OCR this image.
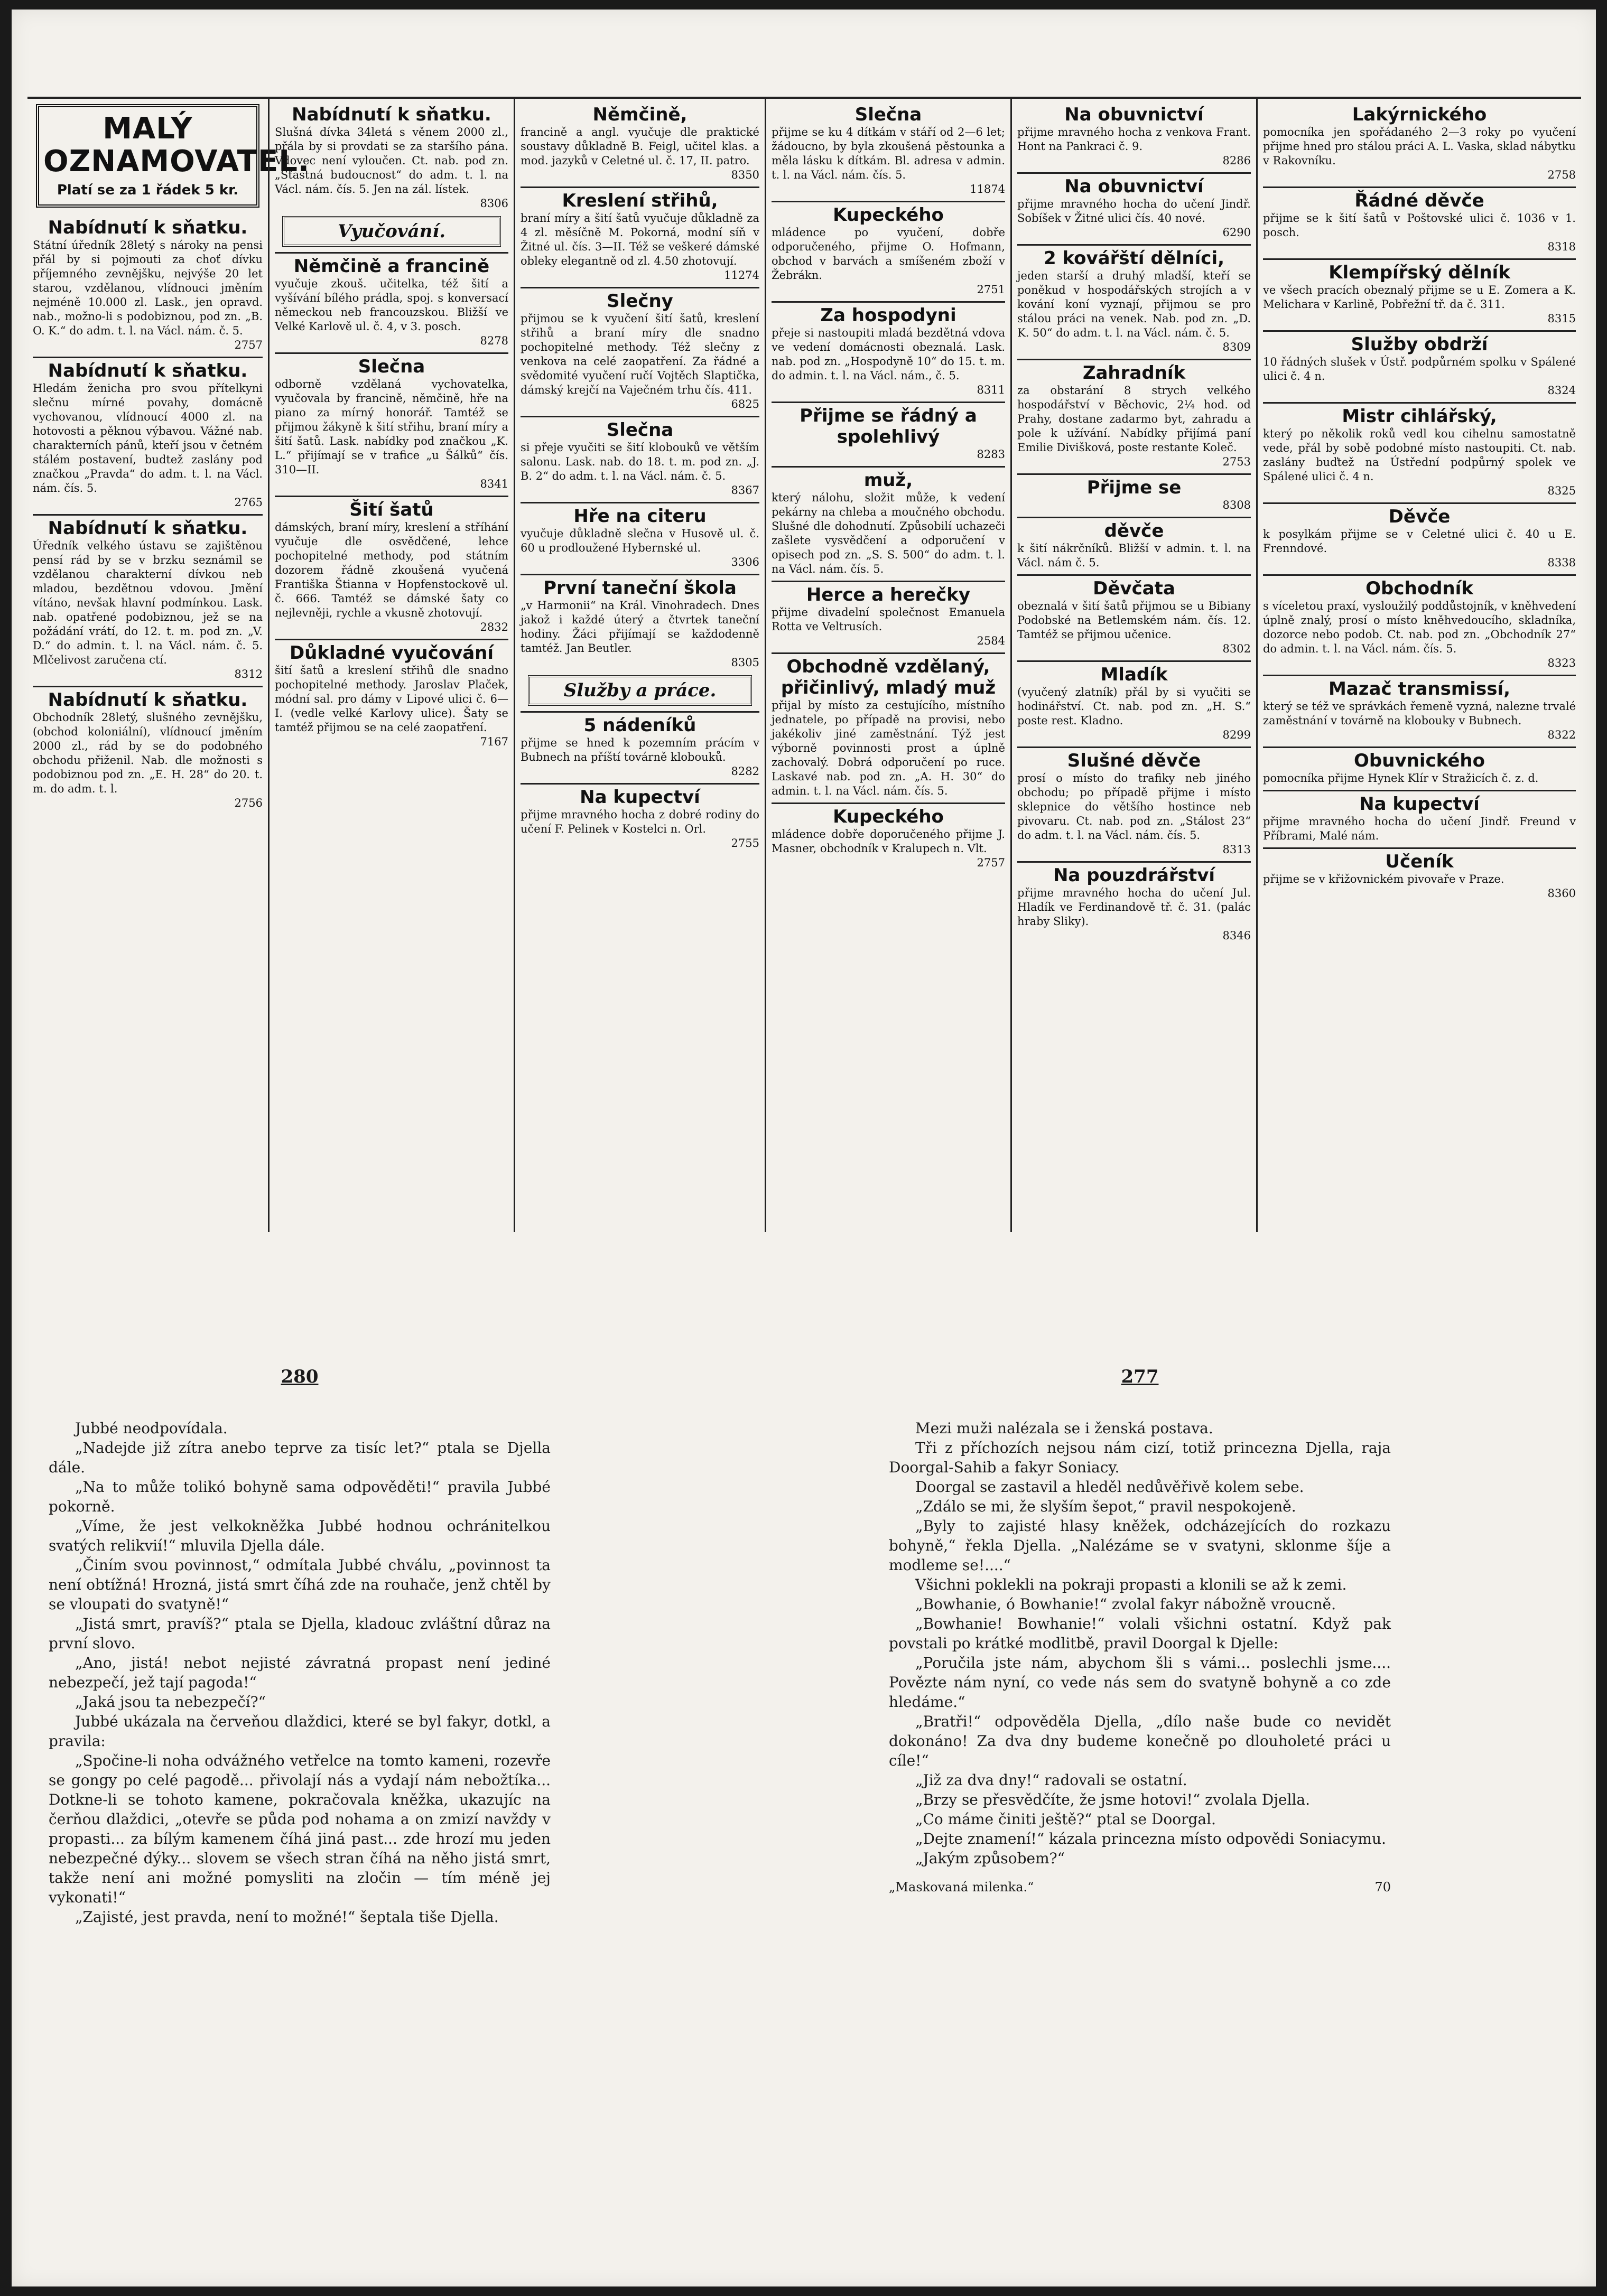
MALÝ OZNAMOVATEL.
Platí se za 1 řádek 5 kr.
Nabídnutí k sňatku.
Státní úředník 28letý s nároky na pensi přál by si pojmouti za choť dívku příjemného zevnějšku, nejvýše 20 let starou, vzdělanou, vlídnouci jměním nejméně 10.000 zl. Lask., jen opravd. nab., možno-li s podobiznou, pod zn. „B. O. K.“ do adm. t. l. na Václ. nám. č. 5.
2757
Nabídnutí k sňatku.
Hledám ženicha pro svou přítelkyni slečnu mírné povahy, domácně vychovanou, vlídnoucí 4000 zl. na hotovosti a pěknou výbavou. Vážné nab. charakterních pánů, kteří jsou v četném stálém postavení, budtež zaslány pod značkou „Pravda“ do adm. t. l. na Václ. nám. čís. 5.
2765
Nabídnutí k sňatku.
Úředník velkého ústavu se zajištěnou pensí rád by se v brzku seznámil se vzdělanou charakterní dívkou neb mladou, bezdětnou vdovou. Jmění vítáno, nevšak hlavní podmínkou. Lask. nab. opatřené podobiznou, jež se na požádání vrátí, do 12. t. m. pod zn. „V. D.“ do admin. t. l. na Václ. nám. č. 5. Mlčelivost zaručena ctí.
8312
Nabídnutí k sňatku.
Obchodník 28letý, slušného zevnějšku, (obchod koloniální), vlídnoucí jměním 2000 zl., rád by se do podobného obchodu přiženil. Nab. dle možnosti s podobiznou pod zn. „E. H. 28“ do 20. t. m. do adm. t. l.
2756
Nabídnutí k sňatku.
Slušná dívka 34letá s věnem 2000 zl., přála by si provdati se za staršího pána. Vdovec není vyloučen. Ct. nab. pod zn. „Šťastná budoucnost“ do adm. t. l. na Václ. nám. čís. 5. Jen na zál. lístek.
8306
Vyučování.
Němčině a francině
vyučuje zkouš. učitelka, též šití a vyšívání bílého prádla, spoj. s konversací německou neb francouzskou. Bližší ve Velké Karlově ul. č. 4, v 3. posch.
8278
Slečna
odborně vzdělaná vychovatelka, vyučovala by francině, němčině, hře na piano za mírný honorář. Tamtéž se přijmou žákyně k šití střihu, braní míry a šití šatů. Lask. nabídky pod značkou „K. L.“ přijímají se v trafice „u Šálků“ čís. 310—II.
8341
Šití šatů
dámských, braní míry, kreslení a stříhání vyučuje dle osvědčené, lehce pochopitelné methody, pod státním dozorem řádně zkoušená vyučená Františka Štianna v Hopfenstockově ul. č. 666. Tamtéž se dámské šaty co nejlevněji, rychle a vkusně zhotovují.
2832
Důkladné vyučování
šití šatů a kreslení střihů dle snadno pochopitelné methody. Jaroslav Plaček, módní sal. pro dámy v Lipové ulici č. 6—I. (vedle velké Karlovy ulice). Šaty se tamtéž přijmou se na celé zaopatření.
7167
Němčině,
francině a angl. vyučuje dle praktické soustavy důkladně B. Feigl, učitel klas. a mod. jazyků v Celetné ul. č. 17, II. patro.
8350
Kreslení střihů,
braní míry a šití šatů vyučuje důkladně za 4 zl. měsíčně M. Pokorná, modní síň v Žitné ul. čís. 3—II. Též se veškeré dámské obleky elegantně od zl. 4.50 zhotovují.
11274
Slečny
přijmou se k vyučení šití šatů, kreslení střihů a braní míry dle snadno pochopitelné methody. Též slečny z venkova na celé zaopatření. Za řádné a svědomité vyučení ručí Vojtěch Slaptička, dámský krejčí na Vaječném trhu čís. 411.
6825
Slečna
si přeje vyučiti se šití klobouků ve větším salonu. Lask. nab. do 18. t. m. pod zn. „J. B. 2“ do adm. t. l. na Václ. nám. č. 5.
8367
Hře na citeru
vyučuje důkladně slečna v Husově ul. č. 60 u prodloužené Hybernské ul.
3306
První taneční škola
„v Harmonii“ na Král. Vinohradech. Dnes jakož i každé úterý a čtvrtek taneční hodiny. Žáci přijímají se každodenně tamtéž. Jan Beutler.
8305
Služby a práce.
5 nádeníků
přijme se hned k pozemním prácím v Bubnech na příští továrně klobouků.
8282
Na kupectví
přijme mravného hocha z dobré rodiny do učení F. Pelinek v Kostelci n. Orl.
2755
Slečna
přijme se ku 4 dítkám v stáří od 2—6 let; žádoucno, by byla zkoušená pěstounka a měla lásku k dítkám. Bl. adresa v admin. t. l. na Václ. nám. čís. 5.
11874
Kupeckého
mládence po vyučení, dobře odporučeného, přijme O. Hofmann, obchod v barvách a smíšeném zboží v Žebrákn.
2751
Za hospodyni
přeje si nastoupiti mladá bezdětná vdova ve vedení domácnosti obeznalá. Lask. nab. pod zn. „Hospodyně 10“ do 15. t. m. do admin. t. l. na Václ. nám., č. 5.
8311
Přijme se řádný a spolehlivý
8283
muž,
který nálohu, složit může, k vedení pekárny na chleba a moučného obchodu. Slušné dle dohodnutí. Způsobilí uchazeči zašlete vysvědčení a odporučení v opisech pod zn. „S. S. 500“ do adm. t. l. na Václ. nám. čís. 5.
Herce a herečky
přijme divadelní společnost Emanuela Rotta ve Veltrusích.
2584
Obchodně vzdělaný, přičinlivý, mladý muž
přijal by místo za cestujícího, místního jednatele, po případě na provisi, nebo jakékoliv jiné zaměstnání. Týž jest výborně povinnosti prost a úplně zachovalý. Dobrá odporučení po ruce. Laskavé nab. pod zn. „A. H. 30“ do admin. t. l. na Václ. nám. čís. 5.
Kupeckého
mládence dobře doporučeného přijme J. Masner, obchodník v Kralupech n. Vlt.
2757
Na obuvnictví
přijme mravného hocha z venkova Frant. Hont na Pankraci č. 9.
8286
Na obuvnictví
přijme mravného hocha do učení Jindř. Sobíšek v Žitné ulici čís. 40 nové.
6290
2 kovářští dělníci,
jeden starší a druhý mladší, kteří se poněkud v hospodářských strojích a v kování koní vyznají, přijmou se pro stálou práci na venek. Nab. pod zn. „D. K. 50“ do adm. t. l. na Václ. nám. č. 5.
8309
Zahradník
za obstarání 8 strych velkého hospodářství v Běchovic, 2¼ hod. od Prahy, dostane zadarmo byt, zahradu a pole k užívání. Nabídky přijímá paní Emilie Divišková, poste restante Koleč.
2753
Přijme se
8308
děvče
k šití nákrčníků. Bližší v admin. t. l. na Václ. nám č. 5.
Děvčata
obeznalá v šití šatů přijmou se u Bibiany Podobské na Betlemském nám. čís. 12. Tamtéž se přijmou učenice.
8302
Mladík
(vyučený zlatník) přál by si vyučiti se hodinářství. Ct. nab. pod zn. „H. S.“ poste rest. Kladno.
8299
Slušné děvče
prosí o místo do trafiky neb jiného obchodu; po případě přijme i místo sklepnice do většího hostince neb pivovaru. Ct. nab. pod zn. „Stálost 23“ do adm. t. l. na Václ. nám. čís. 5.
8313
Na pouzdrářství
přijme mravného hocha do učení Jul. Hladík ve Ferdinandově tř. č. 31. (palác hraby Sliky).
8346
Lakýrnického
pomocníka jen spořádaného 2—3 roky po vyučení přijme hned pro stálou práci A. L. Vaska, sklad nábytku v Rakovníku.
2758
Řádné děvče
přijme se k šití šatů v Poštovské ulici č. 1036 v 1. posch.
8318
Klempířský dělník
ve všech pracích obeznalý přijme se u E. Zomera a K. Melichara v Karlině, Pobřežní tř. da č. 311.
8315
Služby obdrží
10 řádných slušek v Ústř. podpůrném spolku v Spálené ulici č. 4 n.
8324
Mistr cihlářský,
který po několik roků vedl kou cihelnu samostatně vede, přál by sobě podobné místo nastoupiti. Ct. nab. zaslány buďtež na Ústřední podpůrný spolek ve Spálené ulici č. 4 n.
8325
Děvče
k posylkám přijme se v Celetné ulici č. 40 u E. Frenndové.
8338
Obchodník
s víceletou praxí, vysloužilý poddůstojník, v kněhvedení úplně znalý, prosí o místo kněhvedoucího, skladníka, dozorce nebo podob. Ct. nab. pod zn. „Obchodník 27“ do admin. t. l. na Václ. nám. čís. 5.
8323
Mazač transmissí,
který se též ve správkách řemeně vyzná, nalezne trvalé zaměstnání v továrně na klobouky v Bubnech.
8322
Obuvnického
pomocníka přijme Hynek Klír v Stražicích č. z. d.
Na kupectví
přijme mravného hocha do učení Jindř. Freund v Příbrami, Malé nám.
Učeník
přijme se v křižovnickém pivovaře v Praze.
8360
280

Jubbé neodpovídala.

„Nadejde již zítra anebo teprve za tisíc let?“ ptala se Djella dále.

„Na to může tolikó bohyně sama odpověděti!“ pravila Jubbé pokorně.

„Víme, že jest velkokněžka Jubbé hodnou ochránitelkou svatých relikvií!“ mluvila Djella dále.

„Činím svou povinnost,“ odmítala Jubbé chválu, „povinnost ta není obtížná! Hrozná, jistá smrt číhá zde na rouhače, jenž chtěl by se vloupati do svatyně!“

„Jistá smrt, pravíš?“ ptala se Djella, kladouc zvláštní důraz na první slovo.

„Ano, jistá! nebot nejisté závratná propast není jediné nebezpečí, jež tají pagoda!“

„Jaká jsou ta nebezpečí?“

Jubbé ukázala na červeňou dlaždici, které se byl fakyr, dotkl, a pravila:

„Spočine-li noha odvážného vetřelce na tomto kameni, rozevře se gongy po celé pagodě... přivolají nás a vydají nám nebožtíka... Dotkne-li se tohoto kamene, pokračovala kněžka, ukazujíc na čerňou dlaždici, „otevře se půda pod nohama a on zmizí navždy v propasti... za bílým kamenem číhá jiná past... zde hrozí mu jeden nebezpečné dýky... slovem se všech stran číhá na něho jistá smrt, takže není ani možné pomysliti na zločin — tím méně jej vykonati!“

„Zajisté, jest pravda, není to možné!“ šeptala tiše Djella.

277

Mezi muži nalézala se i ženská postava.

Tři z příchozích nejsou nám cizí, totiž princezna Djella, raja Doorgal-Sahib a fakyr Soniacy.

Doorgal se zastavil a hleděl nedůvěřivě kolem sebe.

„Zdálo se mi, že slyším šepot,“ pravil nespokojeně.

„Byly to zajisté hlasy kněžek, odcházejících do rozkazu bohyně,“ řekla Djella. „Nalézáme se v svatyni, sklonme šíje a modleme se!....“

Všichni poklekli na pokraji propasti a klonili se až k zemi.

„Bowhanie, ó Bowhanie!“ zvolal fakyr nábožně vroucně.

„Bowhanie! Bowhanie!“ volali všichni ostatní. Když pak povstali po krátké modlitbě, pravil Doorgal k Djelle:

„Poručila jste nám, abychom šli s vámi... poslechli jsme.... Povězte nám nyní, co vede nás sem do svatyně bohyně a co zde hledáme.“

„Bratři!“ odpověděla Djella, „dílo naše bude co nevidět dokonáno! Za dva dny budeme konečně po dlouholeté práci u cíle!“

„Již za dva dny!“ radovali se ostatní.

„Brzy se přesvědčíte, že jsme hotovi!“ zvolala Djella.

„Co máme činiti ještě?“ ptal se Doorgal.

„Dejte znamení!“ kázala princezna místo odpovědi Soniacymu.

„Jakým způsobem?“

„Maskovaná milenka.“	70
